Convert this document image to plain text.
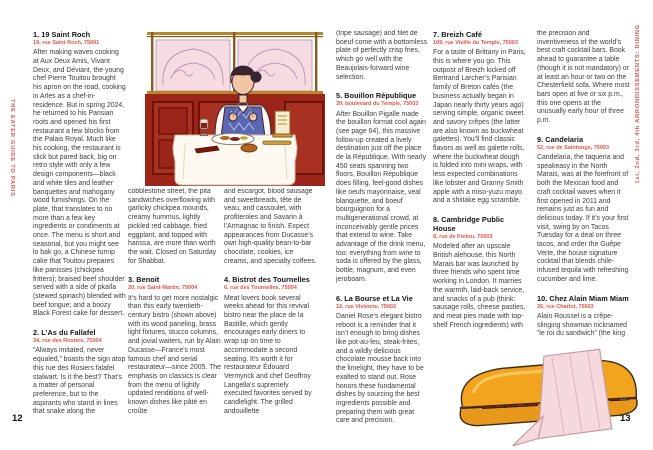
THE EATER GUIDE TO PARIS	1st, 2nd, 3rd, 4th ARRONDISSEMENTS: DINING
12	13
1. 19 Saint Roch
19, rue Saint Roch, 75001
After making waves cooking at Aux Deux Amis, Vivant Deux, and Déviant, the young chef Pierre Touitou brought his apron on the road, cooking in Arles as a chef-in-residence. But in spring 2024, he returned to his Parisian roots and opened his first restaurant a few blocks from the Palais Royal. Much like his cooking, the restaurant is slick but pared back, big on retro style with only a few design components—black and white tiles and leather banquettes and mahogany wood furnishings. On the plate, that translates to no more than a few key ingredients or condiments at once. The menu is short and seasonal, but you might see lo bak go, a Chinese turnip cake that Touitou prepares like panisses (chickpea fritters); braised beef shoulder served with a side of pkaïla (stewed spinach) blended with beef tongue; and a boozy Black Forest cake for dessert.
2. L’As du Fallafel
34, rue des Rosiers, 75004
“Always imitated, never equaled,” boasts the sign atop this rue des Rosiers falafel stalwart. Is it the best? That’s a matter of personal preference, but to the aspirants who stand in lines that snake along the
cobblestone street, the pita sandwiches overflowing with garlicky chickpea mounds, creamy hummus, lightly pickled red cabbage, fried eggplant, and topped with harissa, are more than worth the wait. Closed on Saturday for Shabbat.
3. Benoit
20, rue Saint-Martin, 75004
It’s hard to get more nostalgic than this early twentieth-century bistro (shown above) with its wood paneling, brass light fixtures, stucco columns, and jovial waiters, run by Alain Ducasse—France’s most famous chef and serial restaurateur—since 2005. The emphasis on classics is clear from the menu of lightly updated renditions of well-known dishes like pâté en croûte
and escargot, blood sausage and sweetbreads, tête de veau, and cassoulet, with profiteroles and Savarin à l’Armagnac to finish. Expect appearances from Ducasse’s own high-quality bean-to-bar chocolate, cookies, ice creams, and specialty coffees.
4. Bistrot des Tournelles
6, rue des Tournelles, 75004
Meat lovers book several weeks ahead for this revival bistro near the place de la Bastille, which gently encourages early diners to wrap up on time to accommodate a second seating. It’s worth it for restaurateur Édouard Vermynck and chef Geoffroy Langella’s supremely executed favorites served by candlelight. The grilled andouillette
(tripe sausage) and filet de boeuf come with a bottomless plate of perfectly crisp fries, which go well with the Beaujolais-forward wine selection.
5. Bouillon République
39, boulevard du Temple, 75003
After Bouillon Pigalle made the bouillon format cool again (see page 64), this massive follow-up created a lively destination just off the place de la République. With nearly 450 seats spanning two floors, Bouillon République does filling, feel-good dishes like oeufs mayonnaise, veal blanquette, and boeuf bourguignon for a multigenerational crowd, at inconceivably gentle prices that extend to wine. Take advantage of the drink menu, too: everything from wine to soda is offered by the glass, bottle, magnum, and even jeroboam.
6. La Bourse et La Vie
12, rue Vivienne, 75002
Daniel Rose’s elegant bistro reboot is a reminder that it isn’t enough to bring dishes like pot-au-feu, steak-frites, and a wildly delicious chocolate mousse back into the limelight, they have to be exalted to stand out. Rose honors these fundamental dishes by sourcing the best ingredients possible and preparing them with great care and precision.
7. Breizh Café
109, rue Vieille du Temple, 75003
For a taste of Brittany in Paris, this is where you go. This outpost of Breizh kicked off Bertrand Larcher’s Parisian family of Breton cafés (the business actually began in Japan nearly thirty years ago) serving simple, organic sweet and savory crêpes (the latter are also known as buckwheat galettes). You’ll find classic flavors as well as galette rolls, where the buckwheat dough is folded into mini wraps, with less expected combinations like lobster and Granny Smith apple with a miso-yuzu mayo and a shiitake egg scramble.
8. Cambridge Public House
8, rue de Poitou, 75003
Modeled after an upscale British alehouse, this North Marais bar was launched by three friends who spent time working in London. It marries the warmth, laid-back service, and snacks of a pub (think: sausage rolls, cheese pasties, and meat pies made with top-shelf French ingredients) with
the precision and inventiveness of the world’s best craft cocktail bars. Book ahead to guarantee a table (though it is not mandatory) or at least an hour or two on the Chesterfield sofa. Where most bars open at five or six p.m., this one opens at the unusually early hour of three p.m.
9. Candelaria
52, rue de Saintonge, 75003
Candelaria, the taqueria and speakeasy in the North Marais, was at the forefront of both the Mexican food and craft cocktail waves when it first opened in 2011 and remains just as fun and delicious today. If it’s your first visit, swing by on Tacos Tuesday for a deal on three tacos, and order the Guêpe Verte, the house signature cocktail that blends chile-infused tequila with refreshing cucumber and lime.
10. Chez Alain Miam Miam
26, rue Charlot, 75003
Alain Roussel is a crêpe-slinging showman nicknamed “le roi du sandwich” (the king
